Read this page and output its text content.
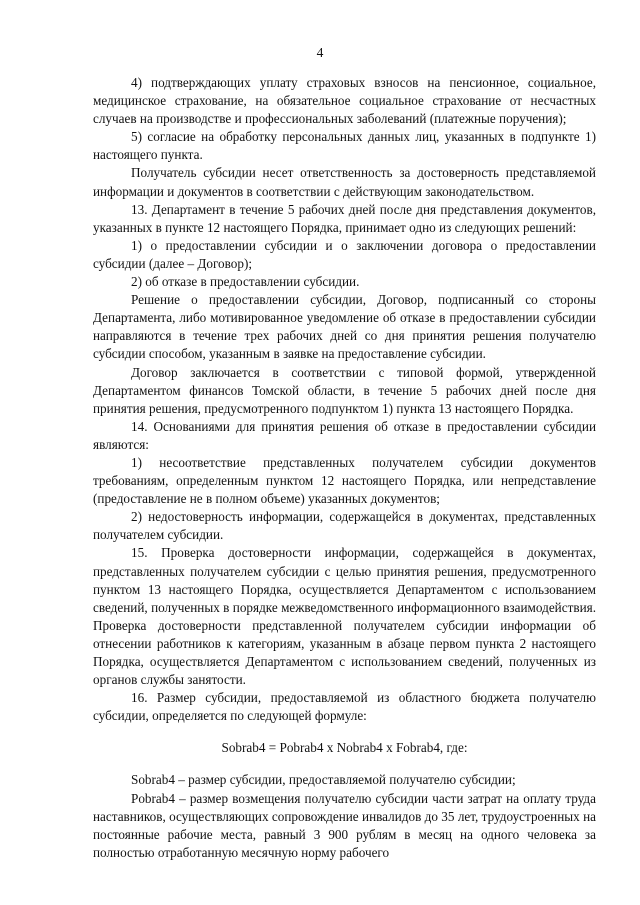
4

4) подтверждающих уплату страховых взносов на пенсионное, социальное, медицинское страхование, на обязательное социальное страхование от несчастных случаев на производстве и профессиональных заболеваний (платежные поручения);

5) согласие на обработку персональных данных лиц, указанных в подпункте 1) настоящего пункта.

Получатель субсидии несет ответственность за достоверность представляемой информации и документов в соответствии с действующим законодательством.

13. Департамент в течение 5 рабочих дней после дня представления документов, указанных в пункте 12 настоящего Порядка, принимает одно из следующих решений:

1) о предоставлении субсидии и о заключении договора о предоставлении субсидии (далее – Договор);

2) об отказе в предоставлении субсидии.

Решение о предоставлении субсидии, Договор, подписанный со стороны Департамента, либо мотивированное уведомление об отказе в предоставлении субсидии направляются в течение трех рабочих дней со дня принятия решения получателю субсидии способом, указанным в заявке на предоставление субсидии.

Договор заключается в соответствии с типовой формой, утвержденной Департаментом финансов Томской области, в течение 5 рабочих дней после дня принятия решения, предусмотренного подпунктом 1) пункта 13 настоящего Порядка.

14. Основаниями для принятия решения об отказе в предоставлении субсидии являются:

1) несоответствие представленных получателем субсидии документов требованиям, определенным пунктом 12 настоящего Порядка, или непредставление (предоставление не в полном объеме) указанных документов;

2) недостоверность информации, содержащейся в документах, представленных получателем субсидии.

15. Проверка достоверности информации, содержащейся в документах, представленных получателем субсидии с целью принятия решения, предусмотренного пунктом 13 настоящего Порядка, осуществляется Департаментом с использованием сведений, полученных в порядке межведомственного информационного взаимодействия. Проверка достоверности представленной получателем субсидии информации об отнесении работников к категориям, указанным в абзаце первом пункта 2 настоящего Порядка, осуществляется Департаментом с использованием сведений, полученных из органов службы занятости.

16. Размер субсидии, предоставляемой из областного бюджета получателю субсидии, определяется по следующей формуле:

Sobrab4 = Pobrab4 х Nobrab4 х Fobrab4, где:

Sobrab4 – размер субсидии, предоставляемой получателю субсидии;

Pobrab4 – размер возмещения получателю субсидии части затрат на оплату труда наставников, осуществляющих сопровождение инвалидов до 35 лет, трудоустроенных на постоянные рабочие места, равный 3 900 рублям в месяц на одного человека за полностью отработанную месячную норму рабочего
